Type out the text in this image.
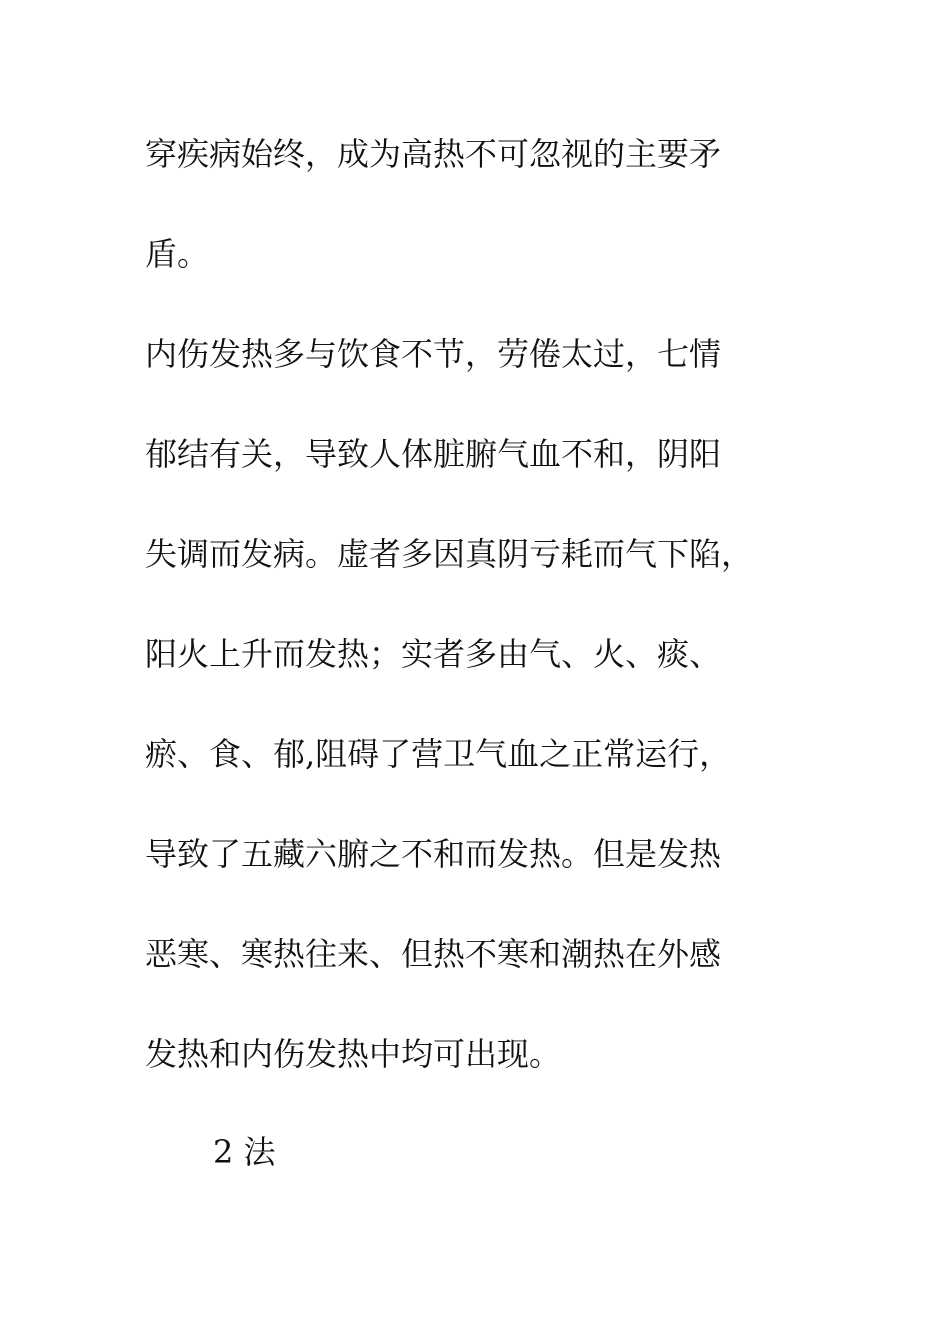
穿疾病始终，成为高热不可忽视的主要矛
盾。
内伤发热多与饮食不节，劳倦太过，七情
郁结有关，导致人体脏腑气血不和，阴阳
失调而发病。虚者多因真阴亏耗而气下陷，
阳火上升而发热；实者多由气、火、痰、
瘀、食、郁,阻碍了营卫气血之正常运行，
导致了五藏六腑之不和而发热。但是发热
恶寒、寒热往来、但热不寒和潮热在外感
发热和内伤发热中均可出现。
2 法
